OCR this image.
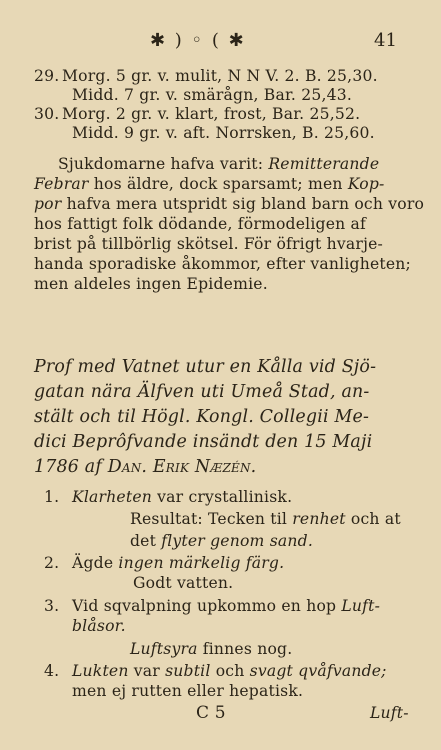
✱ ) ◦ ( ✱	41
29. Morg. 5 gr. v. mulit, N N V. 2. B. 25,30.
Midd. 7 gr. v. smärågn, Bar. 25,43.
30. Morg. 2 gr. v. klart, frost, Bar. 25,52.
Midd. 9 gr. v. aft. Norrsken, B. 25,60.
Sjukdomarne hafva varit: Remitterande
Febrar hos äldre, dock sparsamt; men Kop-
por hafva mera utspridt sig bland barn och voro
hos fattigt folk dödande, förmodeligen af
brist på tillbörlig skötsel. För öfrigt hvarje-
handa sporadiske åkommor, efter vanligheten;
men aldeles ingen Epidemie.
Prof med Vatnet utur en Kålla vid Sjö-
gatan nära Älfven uti Umeå Stad, an-
stält och til Högl. Kongl. Collegii Me-
dici Beprôfvande insändt den 15 Maji
1786 af Dan. Erik Næzén.
1. Klarheten var crystallinisk.
Resultat: Tecken til renhet och at
det flyter genom sand.
2. Ägde ingen märkelig färg.
Godt vatten.
3. Vid sqvalpning upkommo en hop Luft-
blåsor.
Luftsyra finnes nog.
4. Lukten var subtil och svagt qvåfvande;
men ej rutten eller hepatisk.
C 5	Luft-
